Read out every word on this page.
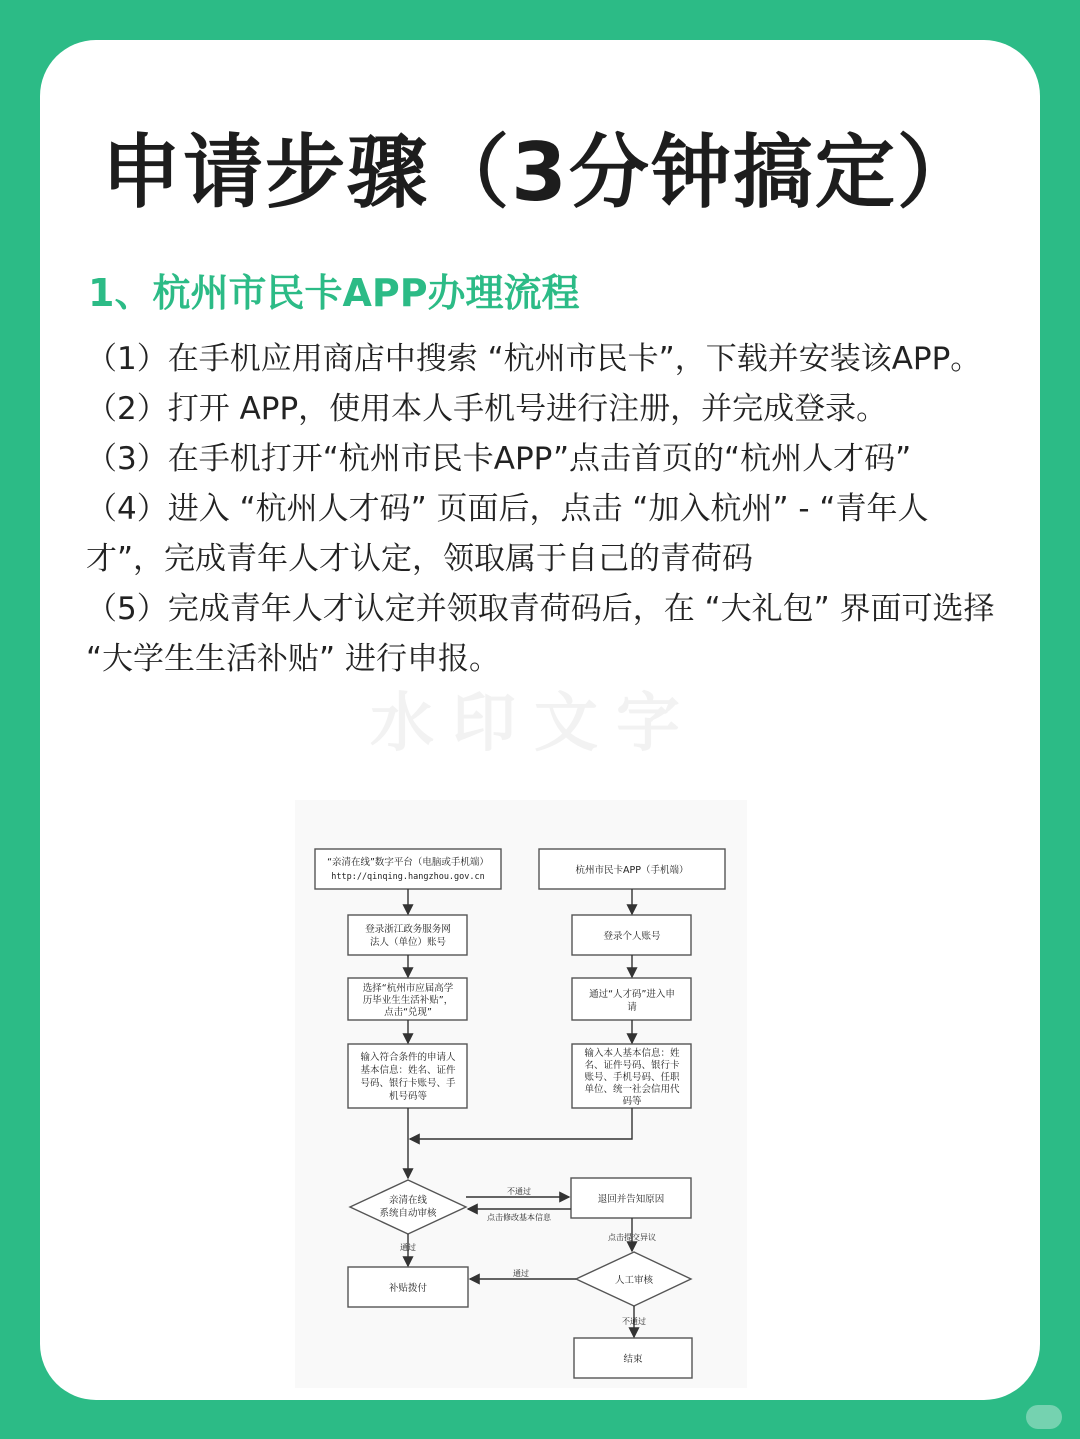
申请步骤（3分钟搞定）
1、杭州市民卡APP办理流程

（1）在手机应用商店中搜索 “杭州市民卡”，下载并安装该APP。

（2）打开 APP，使用本人手机号进行注册，并完成登录。

（3）在手机打开“杭州市民卡APP”点击首页的“杭州人才码”

（4）进入 “杭州人才码” 页面后，点击 “加入杭州” - “青年人才”，完成青年人才认定，领取属于自己的青荷码

（5）完成青年人才认定并领取青荷码后，在 “大礼包” 界面可选择 “大学生生活补贴” 进行申报。

水印文字
“亲清在线”数字平台（电脑或手机端）
http://qinqing.hangzhou.gov.cn
登录浙江政务服务网
法人（单位）账号
选择“杭州市应届高学
历毕业生生活补贴”，
点击“兑现”
输入符合条件的申请人
基本信息：姓名、证件
号码、银行卡账号、手
机号码等
杭州市民卡APP（手机端）
登录个人账号
通过“人才码”进入申
请
输入本人基本信息：姓
名、证件号码、银行卡
账号、手机号码、任职
单位、统一社会信用代
码等
亲清在线
系统自动审核
退回并告知原因
人工审核
补贴拨付
结束
不通过
点击修改基本信息
点击提交异议
通过
通过
不通过
